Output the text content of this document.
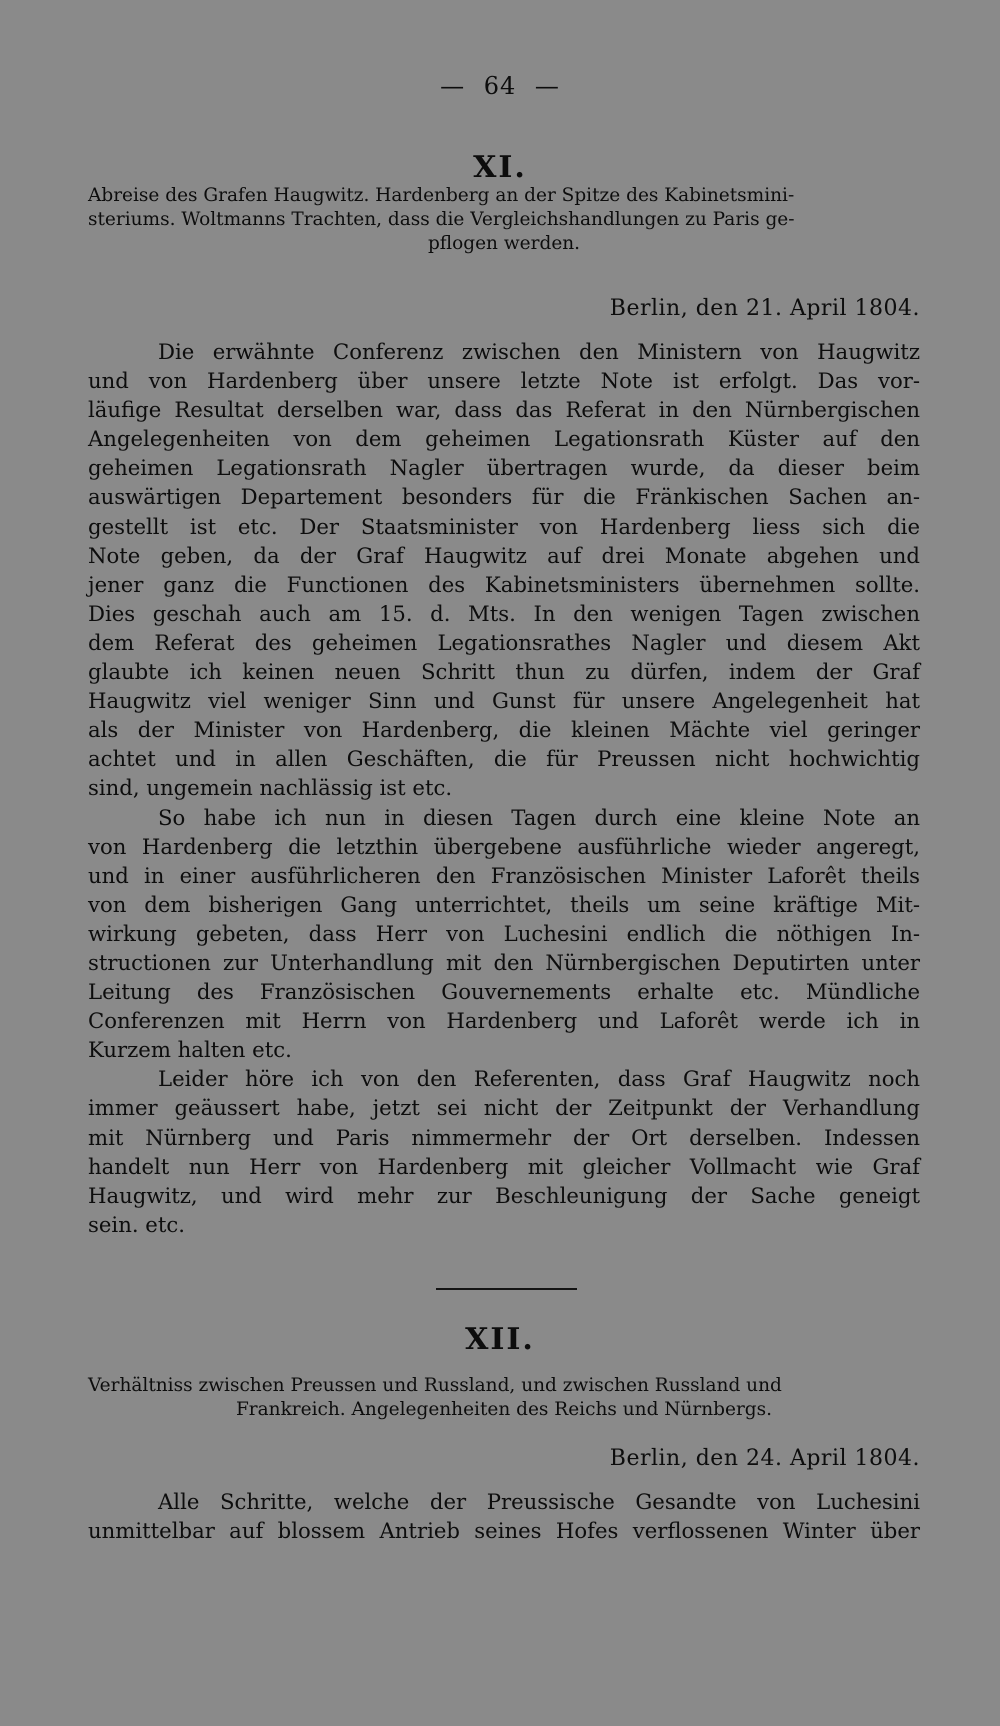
— 64 —
XI.
Abreise des Grafen Haugwitz. Hardenberg an der Spitze des Kabinetsmini-
steriums. Woltmanns Trachten, dass die Vergleichshandlungen zu Paris ge-
pflogen werden.
Berlin, den 21. April 1804.
Die erwähnte Conferenz zwischen den Ministern von Haugwitz
und von Hardenberg über unsere letzte Note ist erfolgt. Das vor-
läufige Resultat derselben war, dass das Referat in den Nürnbergischen
Angelegenheiten von dem geheimen Legationsrath Küster auf den
geheimen Legationsrath Nagler übertragen wurde, da dieser beim
auswärtigen Departement besonders für die Fränkischen Sachen an-
gestellt ist etc. Der Staatsminister von Hardenberg liess sich die
Note geben, da der Graf Haugwitz auf drei Monate abgehen und
jener ganz die Functionen des Kabinetsministers übernehmen sollte.
Dies geschah auch am 15. d. Mts. In den wenigen Tagen zwischen
dem Referat des geheimen Legationsrathes Nagler und diesem Akt
glaubte ich keinen neuen Schritt thun zu dürfen, indem der Graf
Haugwitz viel weniger Sinn und Gunst für unsere Angelegenheit hat
als der Minister von Hardenberg, die kleinen Mächte viel geringer
achtet und in allen Geschäften, die für Preussen nicht hochwichtig
sind, ungemein nachlässig ist etc.
So habe ich nun in diesen Tagen durch eine kleine Note an
von Hardenberg die letzthin übergebene ausführliche wieder angeregt,
und in einer ausführlicheren den Französischen Minister Laforêt theils
von dem bisherigen Gang unterrichtet, theils um seine kräftige Mit-
wirkung gebeten, dass Herr von Luchesini endlich die nöthigen In-
structionen zur Unterhandlung mit den Nürnbergischen Deputirten unter
Leitung des Französischen Gouvernements erhalte etc. Mündliche
Conferenzen mit Herrn von Hardenberg und Laforêt werde ich in
Kurzem halten etc.
Leider höre ich von den Referenten, dass Graf Haugwitz noch
immer geäussert habe, jetzt sei nicht der Zeitpunkt der Verhandlung
mit Nürnberg und Paris nimmermehr der Ort derselben. Indessen
handelt nun Herr von Hardenberg mit gleicher Vollmacht wie Graf
Haugwitz, und wird mehr zur Beschleunigung der Sache geneigt
sein. etc.
XII.
Verhältniss zwischen Preussen und Russland, und zwischen Russland und
Frankreich. Angelegenheiten des Reichs und Nürnbergs.
Berlin, den 24. April 1804.
Alle Schritte, welche der Preussische Gesandte von Luchesini
unmittelbar auf blossem Antrieb seines Hofes verflossenen Winter über
